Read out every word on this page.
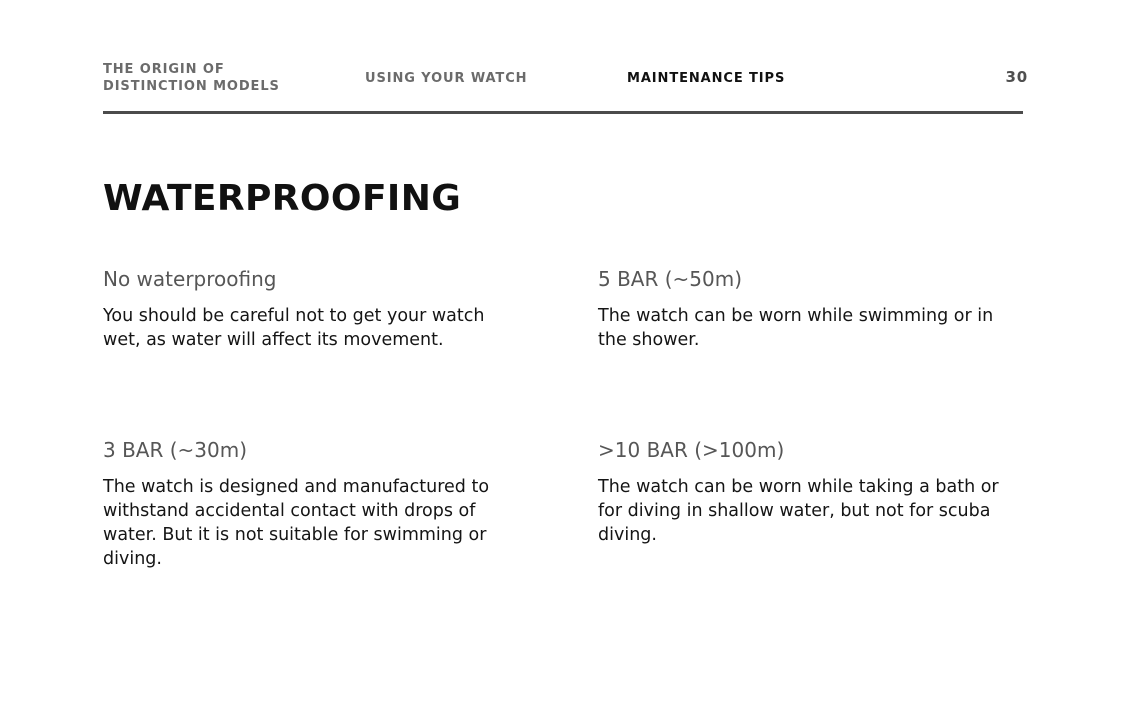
THE ORIGIN OF
DISTINCTION MODELS
USING YOUR WATCH	MAINTENANCE TIPS	30
WATERPROOFING
No waterproofing

You should be careful not to get your watch wet, as water will affect its movement.

5 BAR (~50m)

The watch can be worn while swimming or in the shower.

3 BAR (~30m)

The watch is designed and manufactured to withstand accidental contact with drops of water. But it is not suitable for swimming or diving.

>10 BAR (>100m)

The watch can be worn while taking a bath or for diving in shallow water, but not for scuba diving.
